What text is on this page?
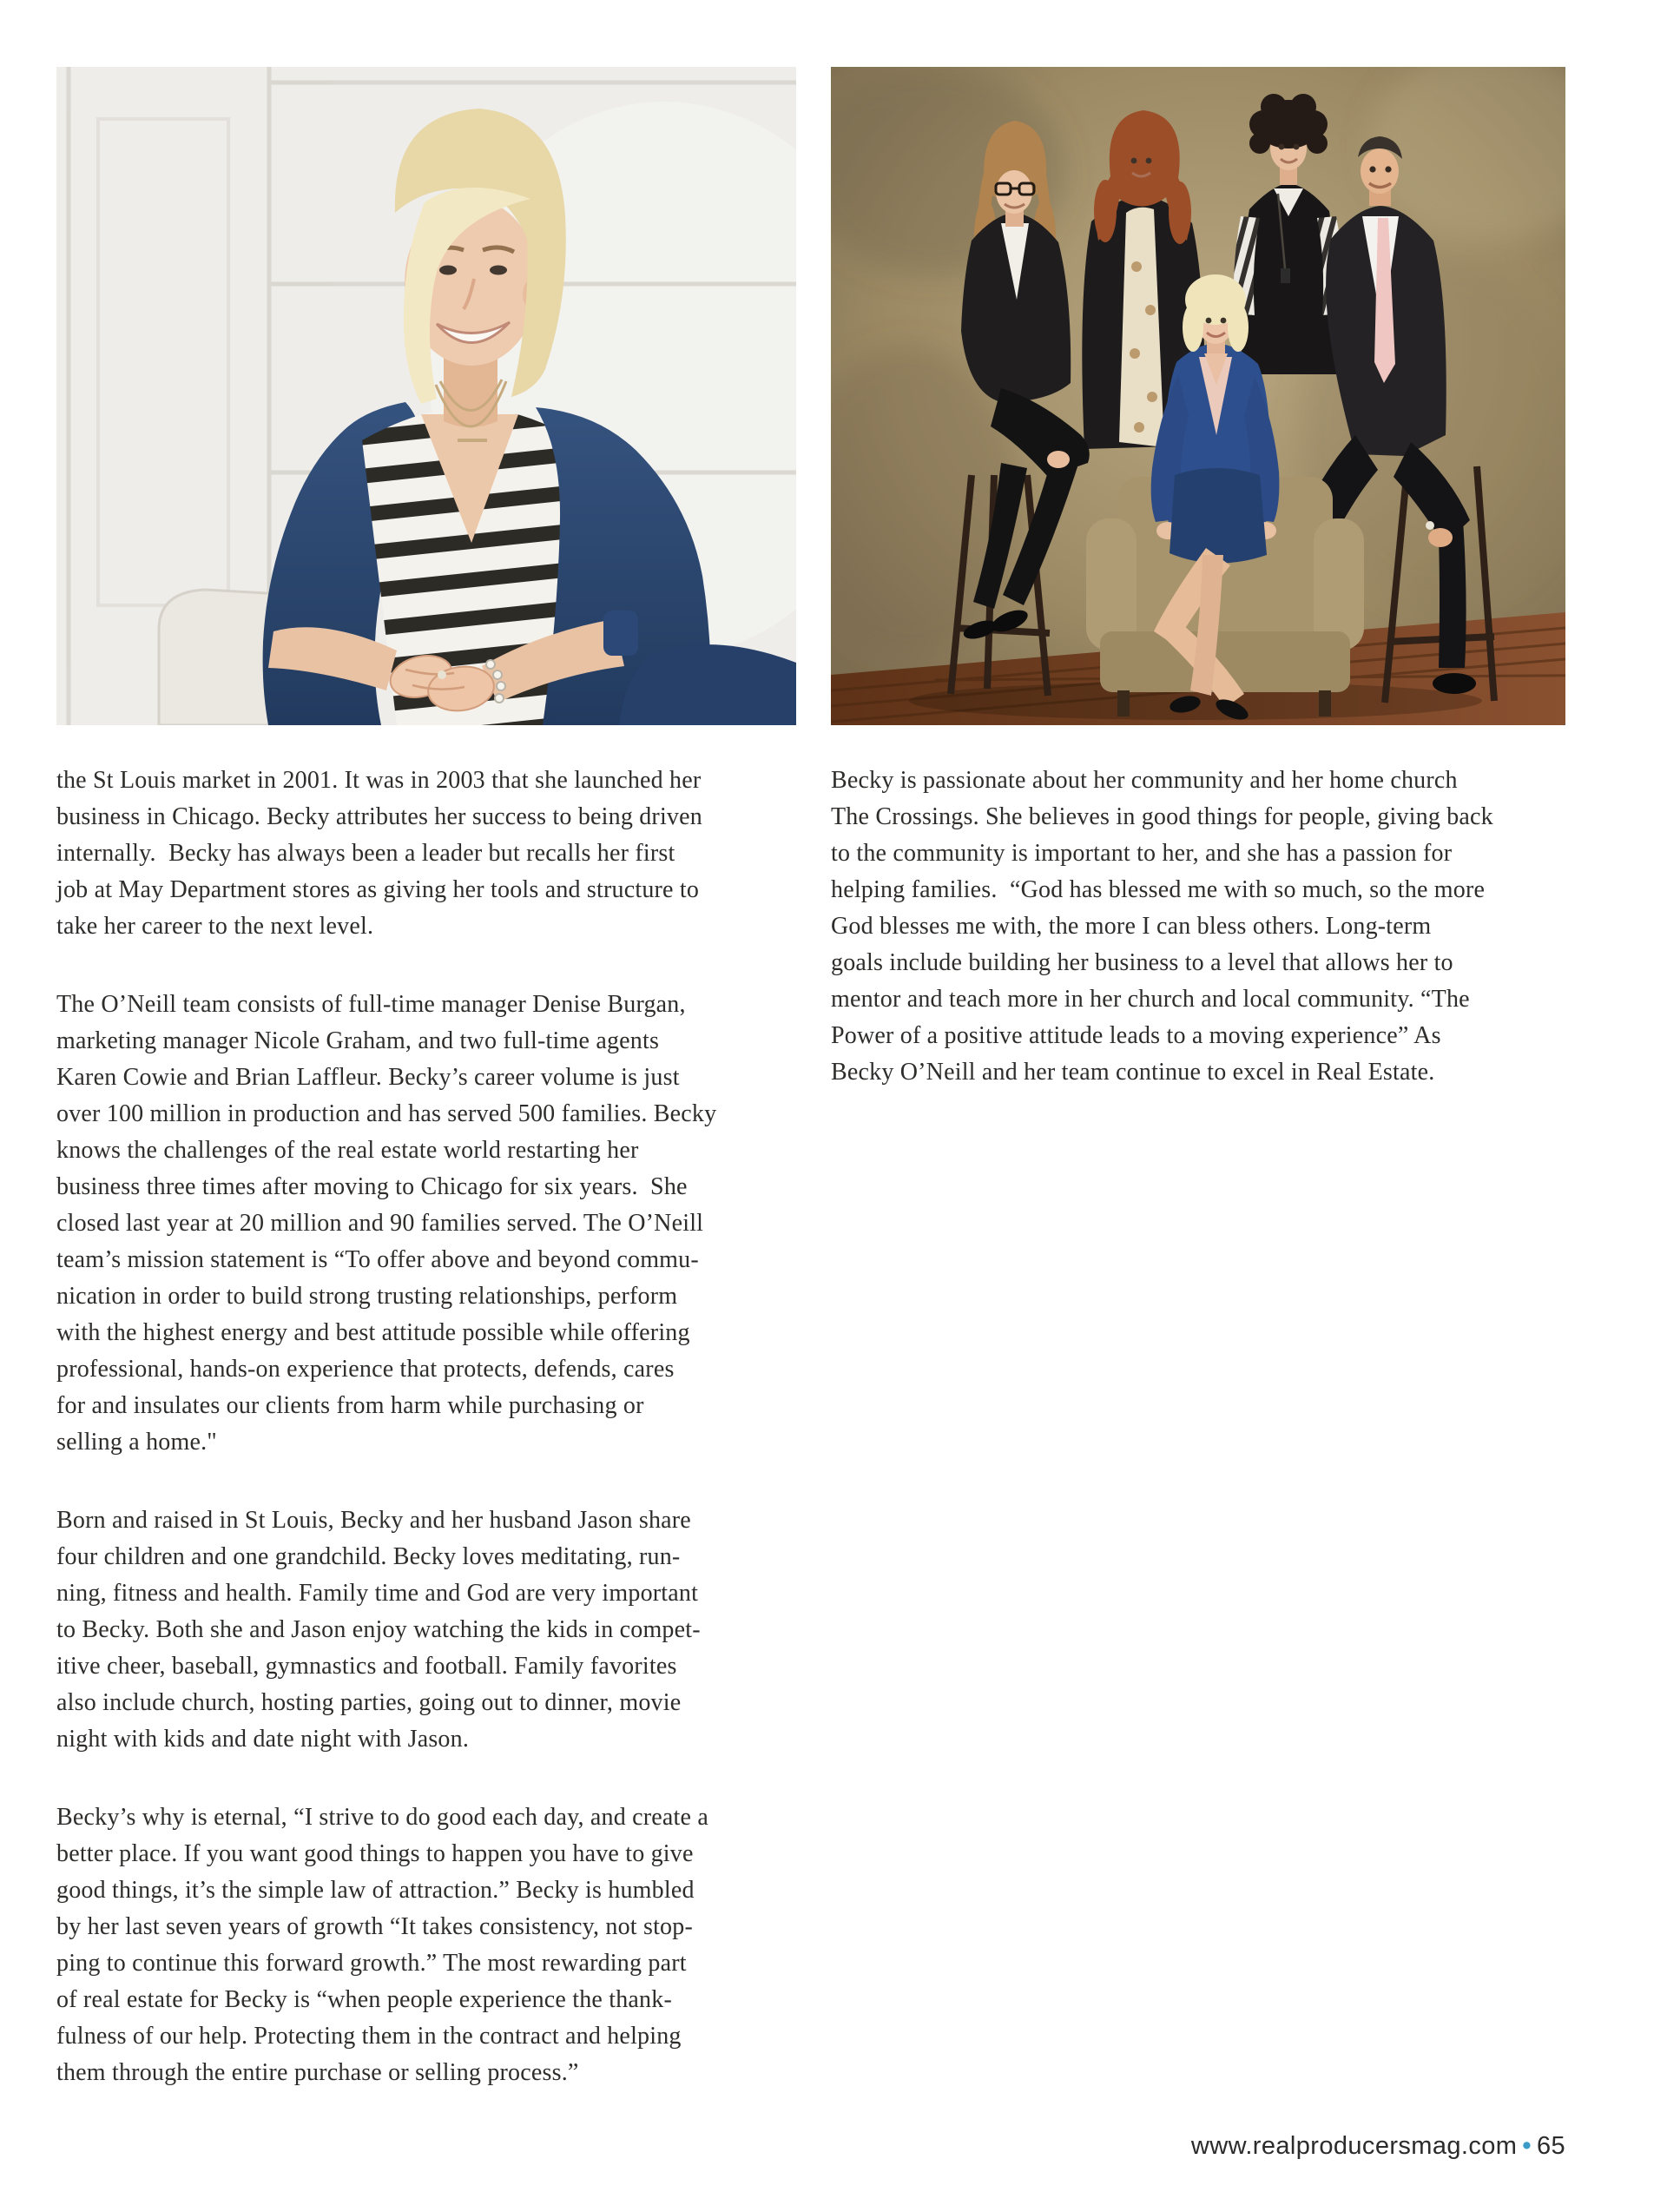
the St Louis market in 2001. It was in 2003 that she launched her
business in Chicago. Becky attributes her success to being driven
internally.  Becky has always been a leader but recalls her first
job at May Department stores as giving her tools and structure to
take her career to the next level.

The O’Neill team consists of full-time manager Denise Burgan,
marketing manager Nicole Graham, and two full-time agents
Karen Cowie and Brian Laffleur. Becky’s career volume is just
over 100 million in production and has served 500 families. Becky
knows the challenges of the real estate world restarting her
business three times after moving to Chicago for six years.  She
closed last year at 20 million and 90 families served. The O’Neill
team’s mission statement is “To offer above and beyond commu-
nication in order to build strong trusting relationships, perform
with the highest energy and best attitude possible while offering
professional, hands-on experience that protects, defends, cares
for and insulates our clients from harm while purchasing or
selling a home."

Born and raised in St Louis, Becky and her husband Jason share
four children and one grandchild. Becky loves meditating, run-
ning, fitness and health. Family time and God are very important
to Becky. Both she and Jason enjoy watching the kids in compet-
itive cheer, baseball, gymnastics and football. Family favorites
also include church, hosting parties, going out to dinner, movie
night with kids and date night with Jason.

Becky’s why is eternal, “I strive to do good each day, and create a
better place. If you want good things to happen you have to give
good things, it’s the simple law of attraction.” Becky is humbled
by her last seven years of growth “It takes consistency, not stop-
ping to continue this forward growth.” The most rewarding part
of real estate for Becky is “when people experience the thank-
fulness of our help. Protecting them in the contract and helping
them through the entire purchase or selling process.”

Becky is passionate about her community and her home church
The Crossings. She believes in good things for people, giving back
to the community is important to her, and she has a passion for
helping families.  “God has blessed me with so much, so the more
God blesses me with, the more I can bless others. Long-term
goals include building her business to a level that allows her to
mentor and teach more in her church and local community. “The
Power of a positive attitude leads to a moving experience” As
Becky O’Neill and her team continue to excel in Real Estate.

www.realproducersmag.com • 65
